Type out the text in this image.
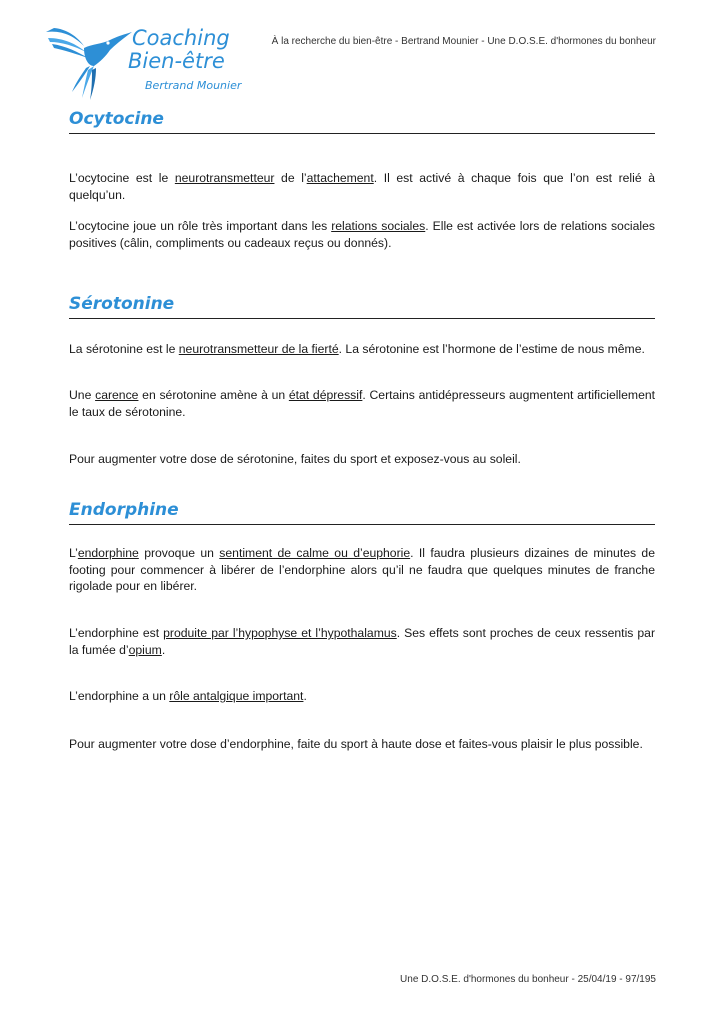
Coaching
Bien-être
Bertrand Mounier
À la recherche du bien-être - Bertrand Mounier - Une D.O.S.E. d'hormones du bonheur
Ocytocine
L’ocytocine est le neurotransmetteur de l’attachement. Il est activé à chaque fois que l’on est relié à quelqu’un.
L’ocytocine joue un rôle très important dans les relations sociales. Elle est activée lors de relations sociales positives (câlin, compliments ou cadeaux reçus ou donnés).
Sérotonine
La sérotonine est le neurotransmetteur de la fierté. La sérotonine est l’hormone de l’estime de nous même.
Une carence en sérotonine amène à un état dépressif. Certains antidépresseurs augmentent artificiellement le taux de sérotonine.
Pour augmenter votre dose de sérotonine, faites du sport et exposez-vous au soleil.
Endorphine
L’endorphine provoque un sentiment de calme ou d’euphorie. Il faudra plusieurs dizaines de minutes de footing pour commencer à libérer de l’endorphine alors qu’il ne faudra que quelques minutes de franche rigolade pour en libérer.
L’endorphine est produite par l’hypophyse et l’hypothalamus. Ses effets sont proches de ceux ressentis par la fumée d’opium.
L’endorphine a un rôle antalgique important.
Pour augmenter votre dose d’endorphine, faite du sport à haute dose et faites-vous plaisir le plus possible.
Une D.O.S.E. d'hormones du bonheur - 25/04/19 - 97/195
